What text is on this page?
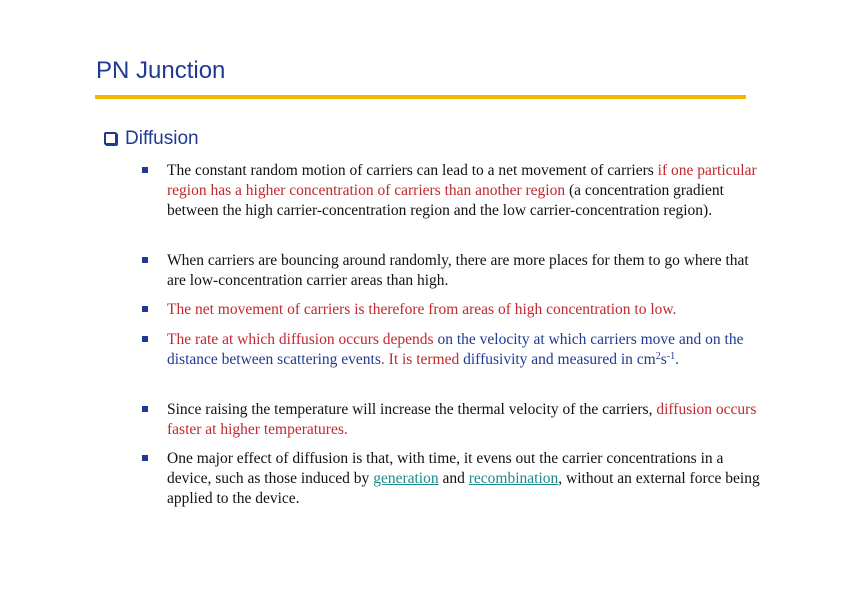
PN Junction
Diffusion
The constant random motion of carriers can lead to a net movement of carriers if one particular region has a higher concentration of carriers than another region (a concentration gradient between the high carrier-concentration region and the low carrier-concentration region).
When carriers are bouncing around randomly, there are more places for them to go where that are low-concentration carrier areas than high.
The net movement of carriers is therefore from areas of high concentration to low.
The rate at which diffusion occurs depends on the velocity at which carriers move and on the distance between scattering events. It is termed diffusivity and measured in $cm^2s^{-1}$.
Since raising the temperature will increase the thermal velocity of the carriers, diffusion occurs faster at higher temperatures.
One major effect of diffusion is that, with time, it evens out the carrier concentrations in a device, such as those induced by generation and recombination, without an external force being applied to the device.
